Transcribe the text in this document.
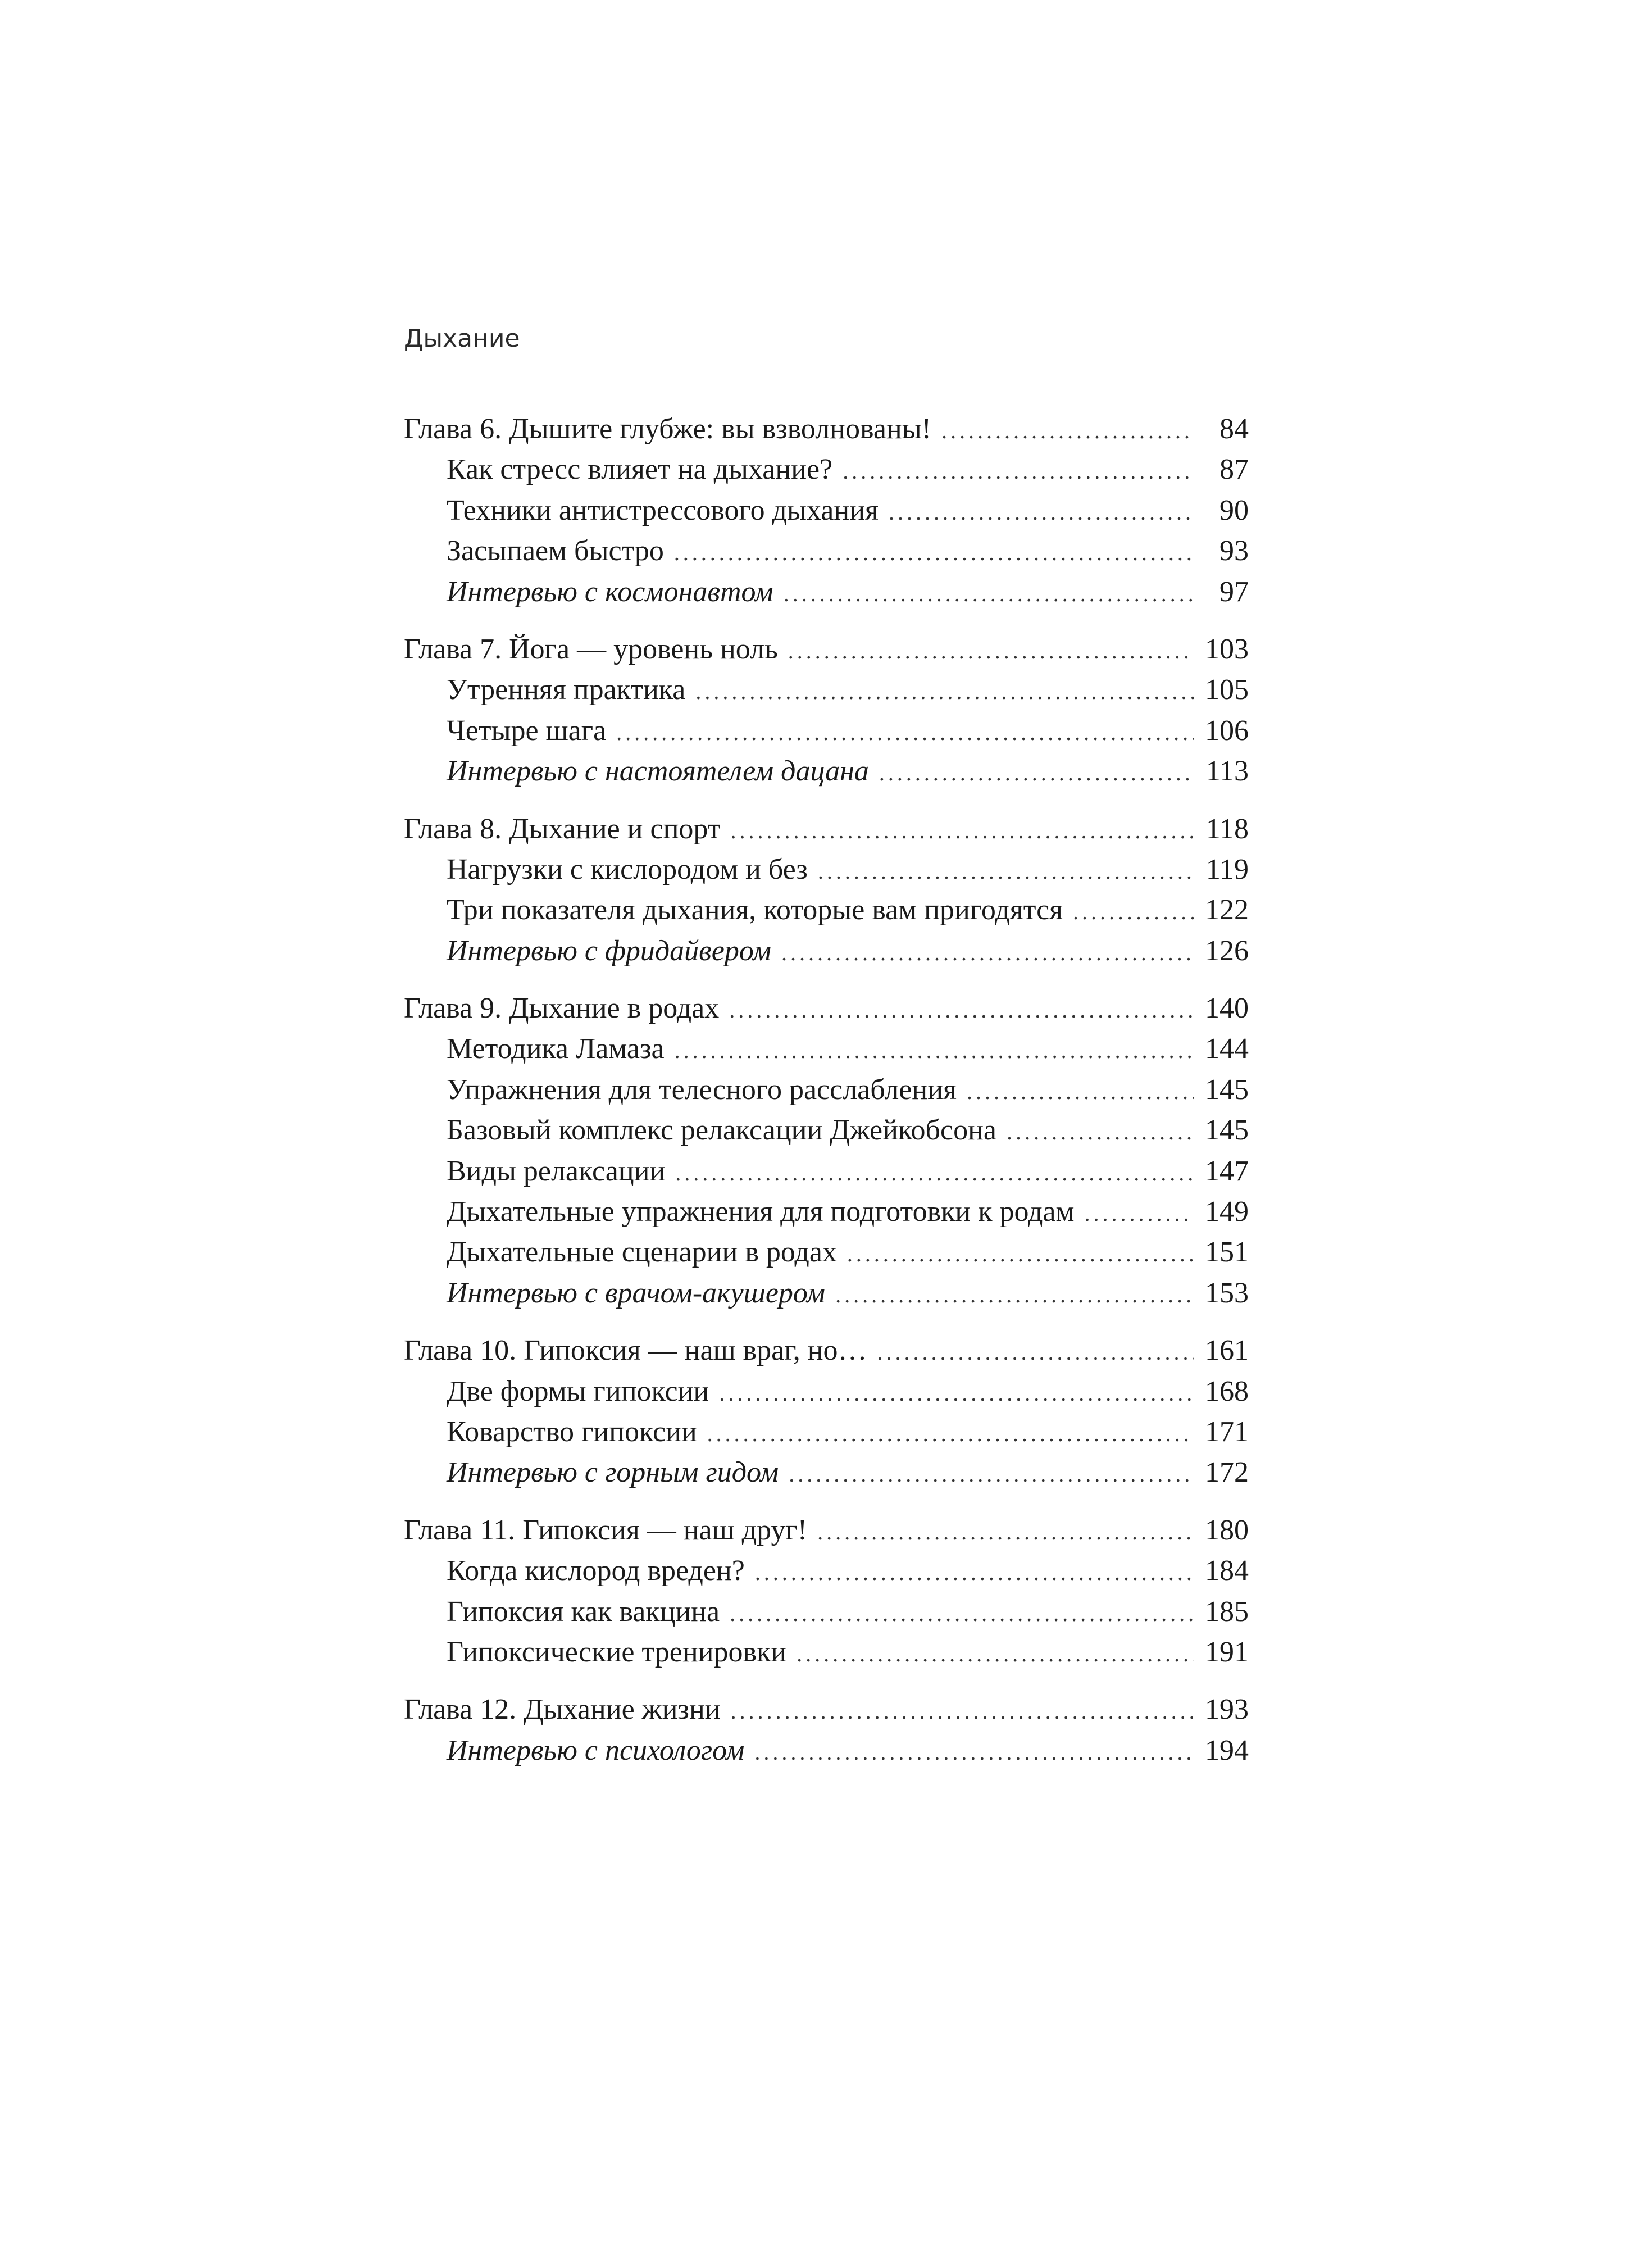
Дыхание
Глава 6. Дышите глубже: вы взволнованы! . . .	84
Как стресс влияет на дыхание? . . .	87
Техники антистрессового дыхания . . .	90
Засыпаем быстро . . .	93
Интервью с космонавтом . . .	97
Глава 7. Йога — уровень ноль . . .	103
Утренняя практика . . .	105
Четыре шага . . .	106
Интервью с настоятелем дацана . . .	113
Глава 8. Дыхание и спорт . . .	118
Нагрузки с кислородом и без . . .	119
Три показателя дыхания, которые вам пригодятся . . .	122
Интервью с фридайвером . . .	126
Глава 9. Дыхание в родах . . .	140
Методика Ламаза . . .	144
Упражнения для телесного расслабления . . .	145
Базовый комплекс релаксации Джейкобсона . . .	145
Виды релаксации . . .	147
Дыхательные упражнения для подготовки к родам . . .	149
Дыхательные сценарии в родах . . .	151
Интервью с врачом-акушером . . .	153
Глава 10. Гипоксия — наш враг, но… . . .	161
Две формы гипоксии . . .	168
Коварство гипоксии . . .	171
Интервью с горным гидом . . .	172
Глава 11. Гипоксия — наш друг! . . .	180
Когда кислород вреден? . . .	184
Гипоксия как вакцина . . .	185
Гипоксические тренировки . . .	191
Глава 12. Дыхание жизни . . .	193
Интервью с психологом . . .	194
